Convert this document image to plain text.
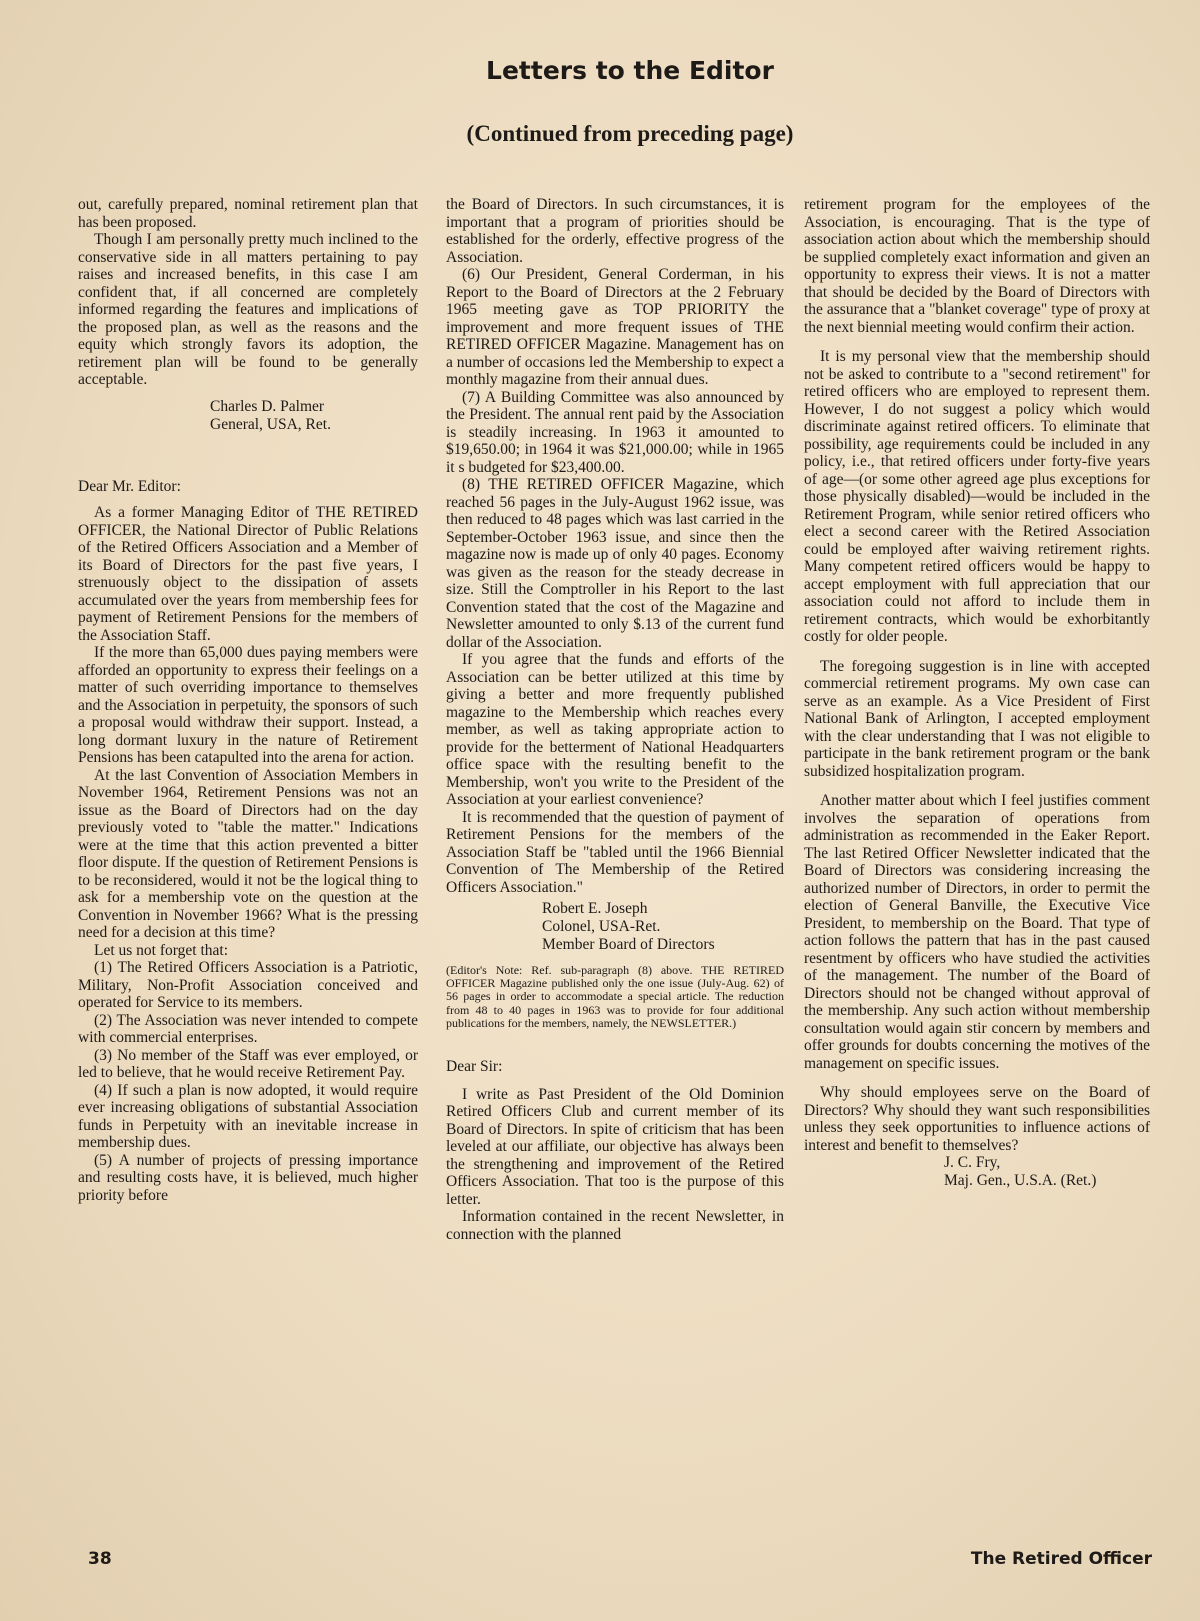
Letters to the Editor
(Continued from preceding page)

out, carefully prepared, nominal retirement plan that has been proposed.

Though I am personally pretty much inclined to the conservative side in all matters pertaining to pay raises and increased benefits, in this case I am confident that, if all concerned are completely informed regarding the features and implications of the proposed plan, as well as the reasons and the equity which strongly favors its adoption, the retirement plan will be found to be generally acceptable.

Charles D. Palmer
General, USA, Ret.

Dear Mr. Editor:

As a former Managing Editor of THE RETIRED OFFICER, the National Director of Public Relations of the Retired Officers Association and a Member of its Board of Directors for the past five years, I strenuously object to the dissipation of assets accumulated over the years from membership fees for payment of Retirement Pensions for the members of the Association Staff.

If the more than 65,000 dues paying members were afforded an opportunity to express their feelings on a matter of such overriding importance to themselves and the Association in perpetuity, the sponsors of such a proposal would withdraw their support. Instead, a long dormant luxury in the nature of Retirement Pensions has been catapulted into the arena for action.

At the last Convention of Association Members in November 1964, Retirement Pensions was not an issue as the Board of Directors had on the day previously voted to "table the matter." Indications were at the time that this action prevented a bitter floor dispute. If the question of Retirement Pensions is to be reconsidered, would it not be the logical thing to ask for a membership vote on the question at the Convention in November 1966? What is the pressing need for a decision at this time?

Let us not forget that:

(1) The Retired Officers Association is a Patriotic, Military, Non-Profit Association conceived and operated for Service to its members.

(2) The Association was never intended to compete with commercial enterprises.

(3) No member of the Staff was ever employed, or led to believe, that he would receive Retirement Pay.

(4) If such a plan is now adopted, it would require ever increasing obligations of substantial Association funds in Perpetuity with an inevitable increase in membership dues.

(5) A number of projects of pressing importance and resulting costs have, it is believed, much higher priority before

the Board of Directors. In such circumstances, it is important that a program of priorities should be established for the orderly, effective progress of the Association.

(6) Our President, General Corderman, in his Report to the Board of Directors at the 2 February 1965 meeting gave as TOP PRIORITY the improvement and more frequent issues of THE RETIRED OFFICER Magazine. Management has on a number of occasions led the Membership to expect a monthly magazine from their annual dues.

(7) A Building Committee was also announced by the President. The annual rent paid by the Association is steadily increasing. In 1963 it amounted to $19,650.00; in 1964 it was $21,000.00; while in 1965 it s budgeted for $23,400.00.

(8) THE RETIRED OFFICER Magazine, which reached 56 pages in the July-August 1962 issue, was then reduced to 48 pages which was last carried in the September-October 1963 issue, and since then the magazine now is made up of only 40 pages. Economy was given as the reason for the steady decrease in size. Still the Comptroller in his Report to the last Convention stated that the cost of the Magazine and Newsletter amounted to only $.13 of the current fund dollar of the Association.

If you agree that the funds and efforts of the Association can be better utilized at this time by giving a better and more frequently published magazine to the Membership which reaches every member, as well as taking appropriate action to provide for the betterment of National Headquarters office space with the resulting benefit to the Membership, won't you write to the President of the Association at your earliest convenience?

It is recommended that the question of payment of Retirement Pensions for the members of the Association Staff be "tabled until the 1966 Biennial Convention of The Membership of the Retired Officers Association."

Robert E. Joseph
Colonel, USA-Ret.
Member Board of Directors

(Editor's Note: Ref. sub-paragraph (8) above. THE RETIRED OFFICER Magazine published only the one issue (July-Aug. 62) of 56 pages in order to accommodate a special article. The reduction from 48 to 40 pages in 1963 was to provide for four additional publications for the members, namely, the NEWSLETTER.)

Dear Sir:

I write as Past President of the Old Dominion Retired Officers Club and current member of its Board of Directors. In spite of criticism that has been leveled at our affiliate, our objective has always been the strengthening and improvement of the Retired Officers Association. That too is the purpose of this letter.

Information contained in the recent Newsletter, in connection with the planned

retirement program for the employees of the Association, is encouraging. That is the type of association action about which the membership should be supplied completely exact information and given an opportunity to express their views. It is not a matter that should be decided by the Board of Directors with the assurance that a "blanket coverage" type of proxy at the next biennial meeting would confirm their action.

It is my personal view that the membership should not be asked to contribute to a "second retirement" for retired officers who are employed to represent them. However, I do not suggest a policy which would discriminate against retired officers. To eliminate that possibility, age requirements could be included in any policy, i.e., that retired officers under forty-five years of age—(or some other agreed age plus exceptions for those physically disabled)—would be included in the Retirement Program, while senior retired officers who elect a second career with the Retired Association could be employed after waiving retirement rights. Many competent retired officers would be happy to accept employment with full appreciation that our association could not afford to include them in retirement contracts, which would be exhorbitantly costly for older people.

The foregoing suggestion is in line with accepted commercial retirement programs. My own case can serve as an example. As a Vice President of First National Bank of Arlington, I accepted employment with the clear understanding that I was not eligible to participate in the bank retirement program or the bank subsidized hospitalization program.

Another matter about which I feel justifies comment involves the separation of operations from administration as recommended in the Eaker Report. The last Retired Officer Newsletter indicated that the Board of Directors was considering increasing the authorized number of Directors, in order to permit the election of General Banville, the Executive Vice President, to membership on the Board. That type of action follows the pattern that has in the past caused resentment by officers who have studied the activities of the management. The number of the Board of Directors should not be changed without approval of the membership. Any such action without membership consultation would again stir concern by members and offer grounds for doubts concerning the motives of the management on specific issues.

Why should employees serve on the Board of Directors? Why should they want such responsibilities unless they seek opportunities to influence actions of interest and benefit to themselves?

J. C. Fry,
Maj. Gen., U.S.A. (Ret.)
38	The Retired Officer
